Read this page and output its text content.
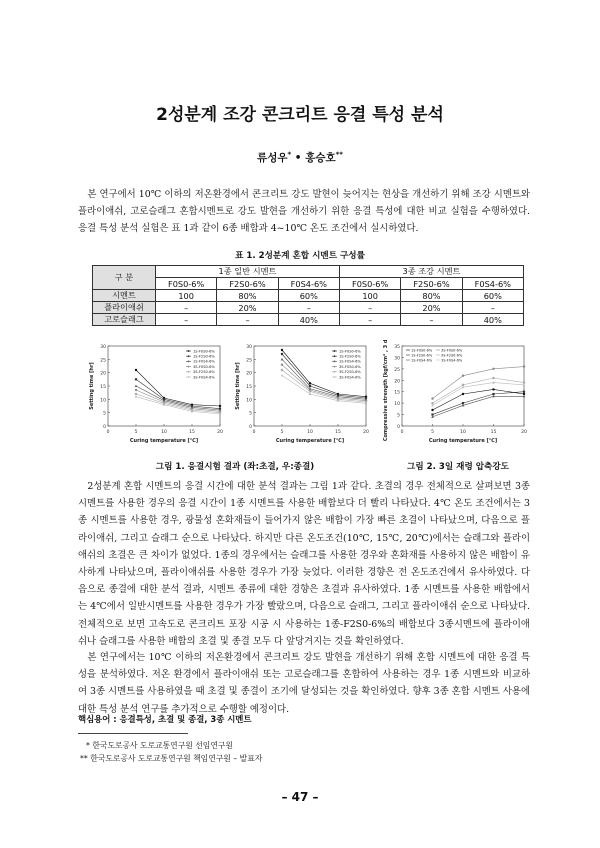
2성분계 조강 콘크리트 응결 특성 분석
류성우* • 홍승호**

본 연구에서 10℃ 이하의 저온환경에서 콘크리트 강도 발현이 늦어지는 현상을 개선하기 위해 조강 시멘트와 플라이애쉬, 고로슬래그 혼합시멘트로 강도 발현을 개선하기 위한 응결 특성에 대한 비교 실험을 수행하였다. 응결 특성 분석 실험은 표 1과 같이 6종 배합과 4~10℃ 온도 조건에서 실시하였다.

표 1. 2성분계 혼합 시멘트 구성률
구 분	1종 일반 시멘트			3종 조강 시멘트		
	F0S0-6%	F2S0-6%	F0S4-6%	F0S0-6%	F2S0-6%	F0S4-6%
시멘트	100	80%	60%	100	80%	60%
플라이애쉬	–	20%	–	–	20%	–
고로슬래그	–	–	40%	–	–	40%
0
5
10
15
20
25
30
0	5	10	15	20
Curing temperature [℃]
Setting time [hr]
1S-F0S0-6%
1S-F2S0-6%
1S-F0S4-6%
3S-F0S0-6%
3S-F2S0-6%
3S-F0S4-6%
0
5
10
15
20
25
30
0	5	10	15	20
Curing temperature [℃]
Setting time [hr]
1S-F0S0-6%
1S-F2S0-6%
1S-F0S4-6%
3S-F0S0-6%
3S-F2S0-6%
3S-F0S4-6%
0
5
10
15
20
25
30
35
0	5	10	15	20
Curing temperature [℃]
Compressive strength [kgf/cm² , 3 day]	1S-F0S0-6%
1S-F2S0-6%
1S-F0S4-6%
3S-F0S0-6%
3S-F2S0-6%
3S-F0S4-6%
그림 1. 응결시험 결과 (좌:초결, 우:종결)	그림 2. 3일 재령 압축강도

2성분계 혼합 시멘트의 응결 시간에 대한 분석 결과는 그림 1과 같다. 초결의 경우 전체적으로 살펴보면 3종 시멘트를 사용한 경우의 응결 시간이 1종 시멘트를 사용한 배합보다 더 빨리 나타났다. 4℃ 온도 조건에서는 3종 시멘트를 사용한 경우, 광물성 혼화재들이 들어가지 않은 배합이 가장 빠른 초결이 나타났으며, 다음으로 플라이애쉬, 그리고 슬래그 순으로 나타났다. 하지만 다른 온도조건(10℃, 15℃, 20℃)에서는 슬래그와 플라이애쉬의 초결은 큰 차이가 없었다. 1종의 경우에서는 슬래그를 사용한 경우와 혼화재를 사용하지 않은 배합이 유사하게 나타났으며, 플라이애쉬를 사용한 경우가 가장 늦었다. 이러한 경향은 전 온도조건에서 유사하였다. 다음으로 종결에 대한 분석 결과, 시멘트 종류에 대한 경향은 초결과 유사하였다. 1종 시멘트를 사용한 배합에서는 4℃에서 일반시멘트를 사용한 경우가 가장 빨랐으며, 다음으로 슬래그, 그리고 플라이애쉬 순으로 나타났다. 전체적으로 보면 고속도로 콘크리트 포장 시공 시 사용하는 1종-F2S0-6%의 배합보다 3종시멘트에 플라이애쉬나 슬래그를 사용한 배합의 초결 및 종결 모두 다 앞당겨지는 것을 확인하였다.

본 연구에서는 10℃ 이하의 저온환경에서 콘크리트 강도 발현을 개선하기 위해 혼합 시멘트에 대한 응결 특성을 분석하였다. 저온 환경에서 플라이애쉬 또는 고로슬래그를 혼합하여 사용하는 경우 1종 시멘트와 비교하여 3종 시멘트를 사용하였을 때 초결 및 종결이 조기에 달성되는 것을 확인하였다. 향후 3종 혼합 시멘트 사용에 대한 특성 분석 연구를 추가적으로 수행할 예정이다.

핵심용어 : 응결특성, 초결 및 종결, 3종 시멘트
* 한국도로공사 도로교통연구원 선임연구원
** 한국도로공사 도로교통연구원 책임연구원 – 발표자
– 47 –
